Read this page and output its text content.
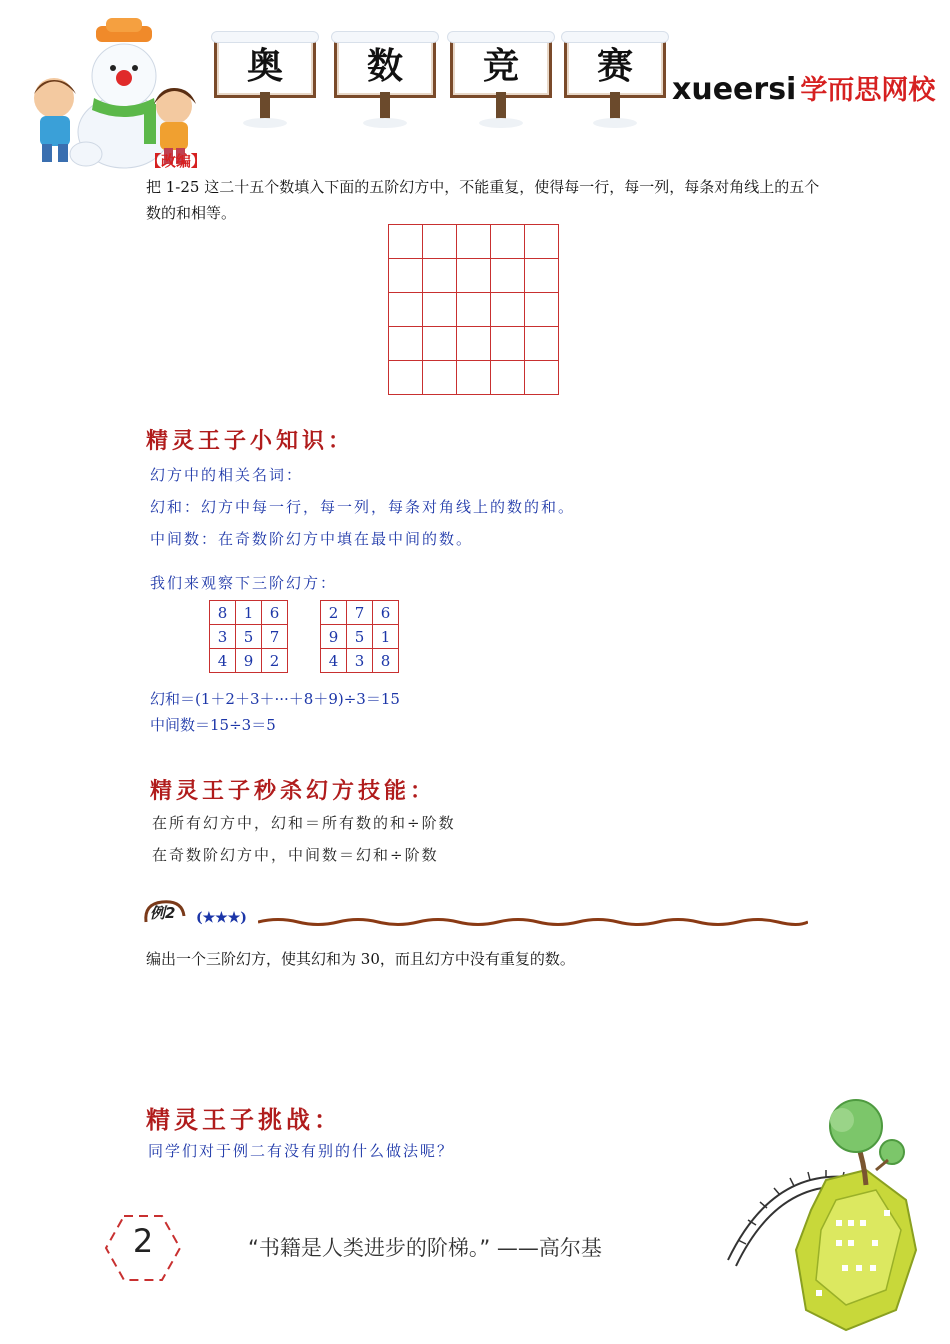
奥	数	竞	赛
xueersi 学而思网校
【改编】
把 1-25 这二十五个数填入下面的五阶幻方中，不能重复，使得每一行，每一列，每条对角线上的五个数的和相等。

精灵王子小知识：
幻方中的相关名词：
幻和：幻方中每一行，每一列，每条对角线上的数的和。
中间数：在奇数阶幻方中填在最中间的数。
我们来观察下三阶幻方：
8	1	6
3	5	7
4	9	2
2	7	6
9	5	1
4	3	8
幻和＝(1＋2＋3＋···＋8＋9)÷3＝15
中间数＝15÷3＝5
精灵王子秒杀幻方技能：
在所有幻方中，幻和＝所有数的和÷阶数
在奇数阶幻方中，中间数＝幻和÷阶数
例2 (★★★)
编出一个三阶幻方，使其幻和为 30，而且幻方中没有重复的数。
精灵王子挑战：
同学们对于例二有没有别的什么做法呢？
2	“书籍是人类进步的阶梯。” ——高尔基
